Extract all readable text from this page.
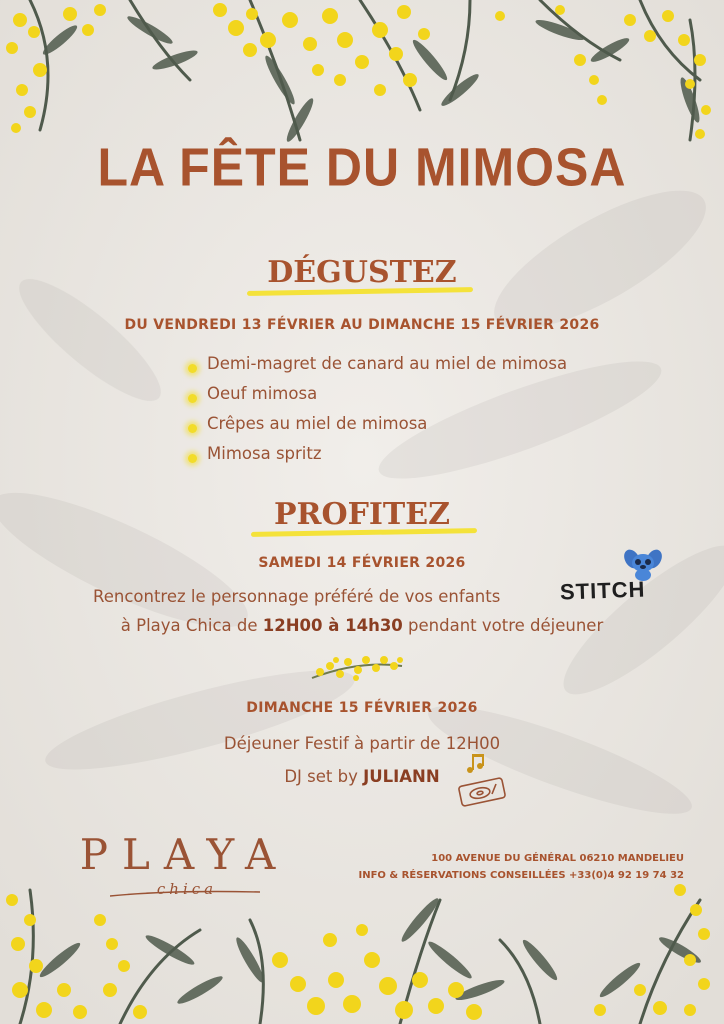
LA FÊTE DU MIMOSA
DÉGUSTEZ
DU VENDREDI 13 FÉVRIER AU DIMANCHE 15 FÉVRIER 2026
Demi-magret de canard au miel de mimosa
Oeuf mimosa
Crêpes au miel de mimosa
Mimosa spritz
PROFITEZ
SAMEDI 14 FÉVRIER 2026
Rencontrez le personnage préféré de vos enfants	STITCH
à Playa Chica de 12H00 à 14h30 pendant votre déjeuner
DIMANCHE 15 FÉVRIER 2026
Déjeuner Festif à partir de 12H00
DJ set by JULIANN
PLAYA
chica
100 AVENUE DU GÉNÉRAL 06210 MANDELIEU
INFO & RÉSERVATIONS CONSEILLÉES +33(0)4 92 19 74 32
